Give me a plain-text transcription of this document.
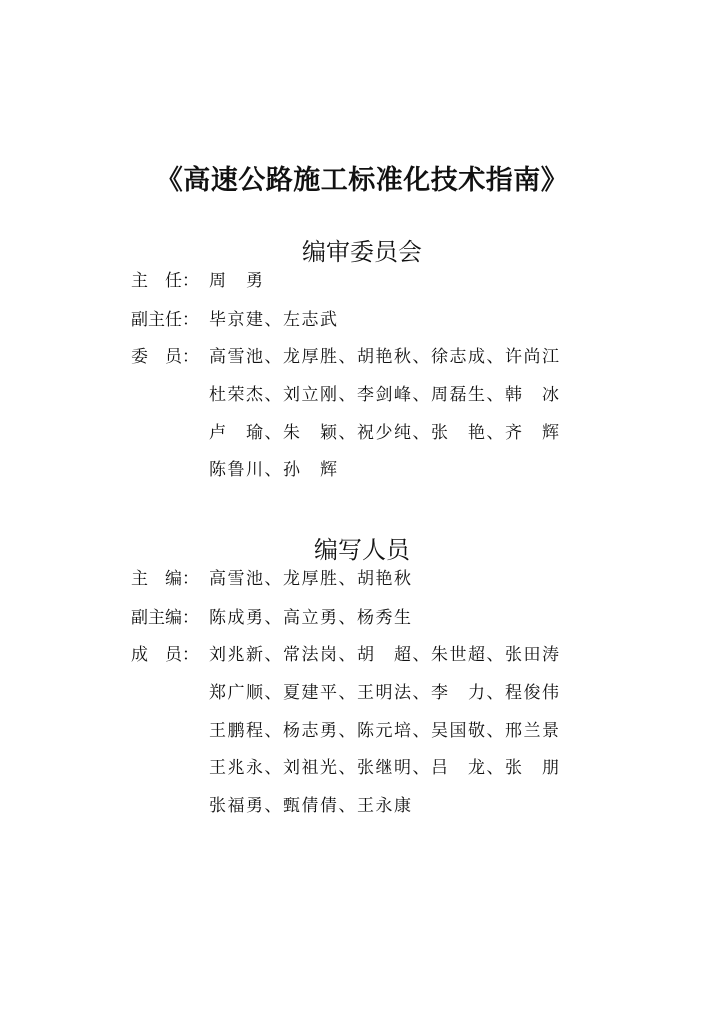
《高速公路施工标准化技术指南》
编审委员会
主　任： 周　勇
副主任： 毕京建、左志武
委　员： 高雪池、龙厚胜、胡艳秋、徐志成、许尚江
杜荣杰、刘立刚、李剑峰、周磊生、韩　冰
卢　瑜、朱　颖、祝少纯、张　艳、齐　辉
陈鲁川、孙　辉
编写人员
主　编： 高雪池、龙厚胜、胡艳秋
副主编： 陈成勇、高立勇、杨秀生
成　员： 刘兆新、常法岗、胡　超、朱世超、张田涛
郑广顺、夏建平、王明法、李　力、程俊伟
王鹏程、杨志勇、陈元培、吴国敬、邢兰景
王兆永、刘祖光、张继明、吕　龙、张　朋
张福勇、甄倩倩、王永康
